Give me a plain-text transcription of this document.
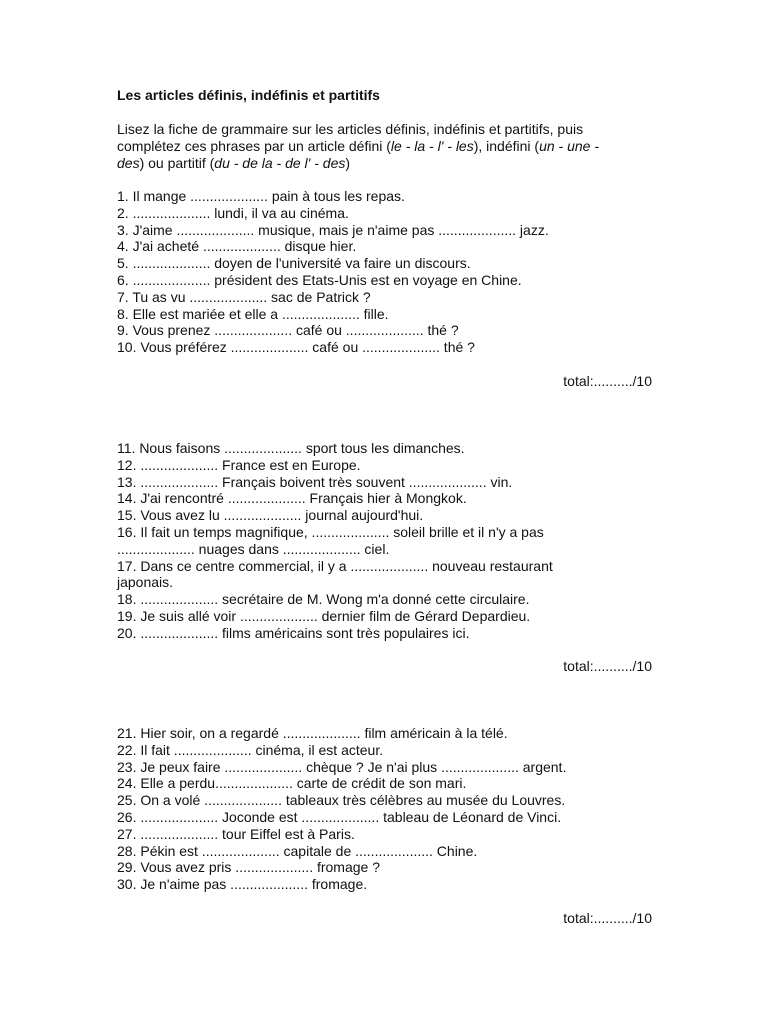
Les articles définis, indéfinis et partitifs
Lisez la fiche de grammaire sur les articles définis, indéfinis et partitifs, puis
complétez ces phrases par un article défini (le - la - l' - les), indéfini (un - une -
des) ou partitif (du - de la - de l' - des)
1. Il mange .................... pain à tous les repas.
2. .................... lundi, il va au cinéma.
3. J'aime .................... musique, mais je n'aime pas .................... jazz.
4. J'ai acheté .................... disque hier.
5. .................... doyen de l'université va faire un discours.
6. .................... président des Etats-Unis est en voyage en Chine.
7. Tu as vu .................... sac de Patrick ?
8. Elle est mariée et elle a .................... fille.
9. Vous prenez .................... café ou .................... thé ?
10. Vous préférez .................... café ou .................... thé ?
total:........../10
11. Nous faisons .................... sport tous les dimanches.
12. .................... France est en Europe.
13. .................... Français boivent très souvent .................... vin.
14. J'ai rencontré .................... Français hier à Mongkok.
15. Vous avez lu .................... journal aujourd'hui.
16. Il fait un temps magnifique, .................... soleil brille et il n'y a pas
.................... nuages dans .................... ciel.
17. Dans ce centre commercial, il y a .................... nouveau restaurant
japonais.
18. .................... secrétaire de M. Wong m'a donné cette circulaire.
19. Je suis allé voir .................... dernier film de Gérard Depardieu.
20. .................... films américains sont très populaires ici.
total:........../10
21. Hier soir, on a regardé .................... film américain à la télé.
22. Il fait .................... cinéma, il est acteur.
23. Je peux faire .................... chèque ? Je n'ai plus .................... argent.
24. Elle a perdu.................... carte de crédit de son mari.
25. On a volé .................... tableaux très célèbres au musée du Louvres.
26. .................... Joconde est .................... tableau de Léonard de Vinci.
27. .................... tour Eiffel est à Paris.
28. Pékin est .................... capitale de .................... Chine.
29. Vous avez pris .................... fromage ?
30. Je n'aime pas .................... fromage.
total:........../10
